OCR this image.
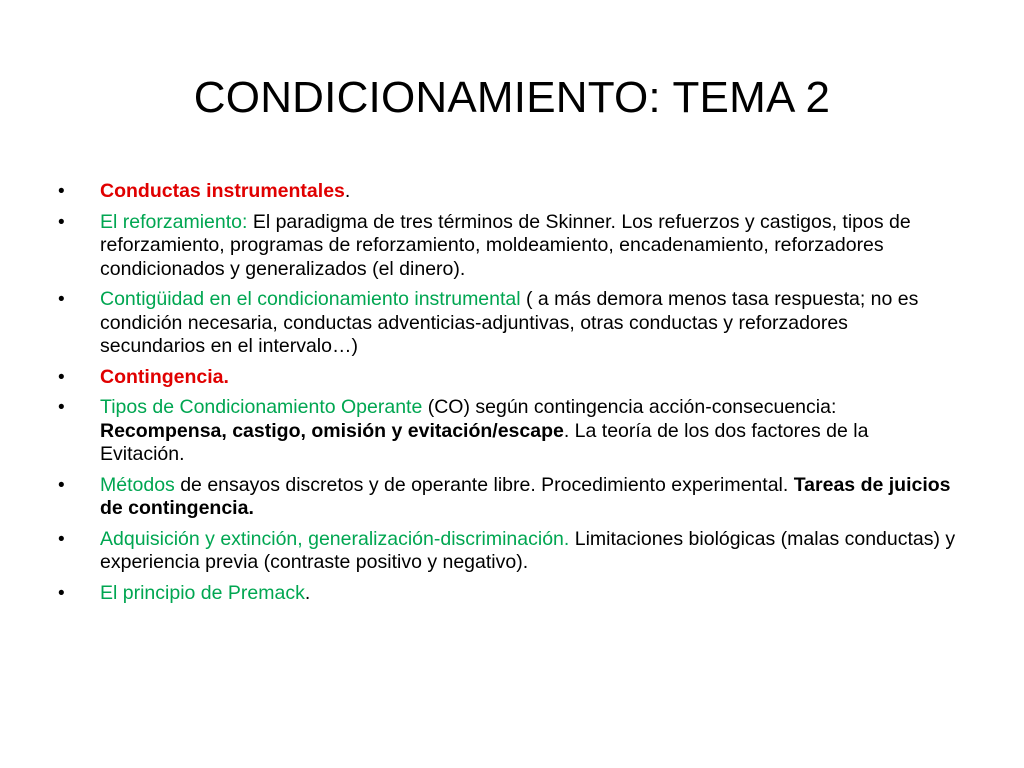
CONDICIONAMIENTO: TEMA 2
•	Conductas instrumentales.
•	El reforzamiento: El paradigma de tres términos de Skinner. Los refuerzos y castigos, tipos de reforzamiento, programas de reforzamiento, moldeamiento, encadenamiento, reforzadores condicionados y generalizados (el dinero).
•	Contigüidad en el condicionamiento instrumental ( a más demora menos tasa respuesta; no es condición necesaria, conductas adventicias-adjuntivas, otras conductas y reforzadores secundarios en el intervalo…)
•	Contingencia.
•	Tipos de Condicionamiento Operante (CO) según contingencia acción-consecuencia: Recompensa, castigo, omisión y evitación/escape. La teoría de los dos factores de la Evitación.
•	Métodos de ensayos discretos y de operante libre. Procedimiento experimental. Tareas de juicios de contingencia.
•	Adquisición y extinción, generalización-discriminación. Limitaciones biológicas (malas conductas) y experiencia previa (contraste positivo y negativo).
•	El principio de Premack.
